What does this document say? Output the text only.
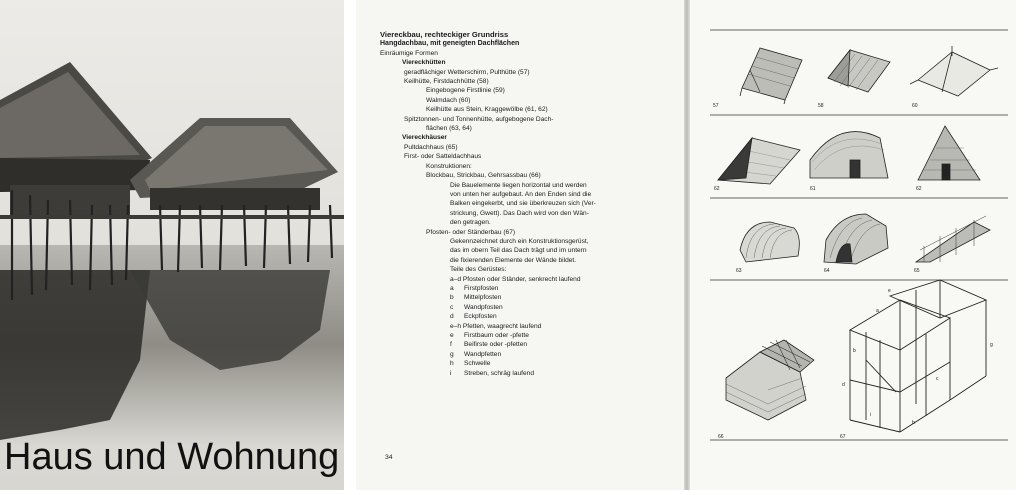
Haus und Wohnung
Viereckbau, rechteckiger Grundriss
Hangdachbau, mit geneigten Dachflächen
Einräumige Formen
Viereckhütten
geradflächiger Wetterschirm, Pulthütte (57)
Keilhütte, Firstdachhütte (58)
Eingebogene Firstlinie (59)
Walmdach (60)
Keilhütte aus Stein, Kraggewölbe (61, 62)
Spitztonnen- und Tonnenhütte, aufgebogene Dach-
flächen (63, 64)
Viereckhäuser
Pultdachhaus (65)
First- oder Satteldachhaus
Konstruktionen:
Blockbau, Strickbau, Gehrsassbau (66)
Die Bauelemente liegen horizontal und werden
von unten her aufgebaut. An den Enden sind die
Balken eingekerbt, und sie überkreuzen sich (Ver-
strickung, Gwett). Das Dach wird von den Wän-
den getragen.
Pfosten- oder Ständerbau (67)
Gekennzeichnet durch ein Konstruktionsgerüst,
das im obern Teil das Dach trägt und im untern
die fixierenden Elemente der Wände bildet.
Teile des Gerüstes:
a–d Pfosten oder Ständer, senkrecht laufend
a	Firstpfosten
b	Mittelpfosten
c	Wandpfosten
d	Eckpfosten
e–h Pfetten, waagrecht laufend
e	Firstbaum oder -pfette
f	Beifirste oder -pfetten
g	Wandpfetten
h	Schwelle
i	Streben, schräg laufend
34
57	58	60
62	61	62
63	64	65
66	67
a
b
c
d
e
g
h
i
